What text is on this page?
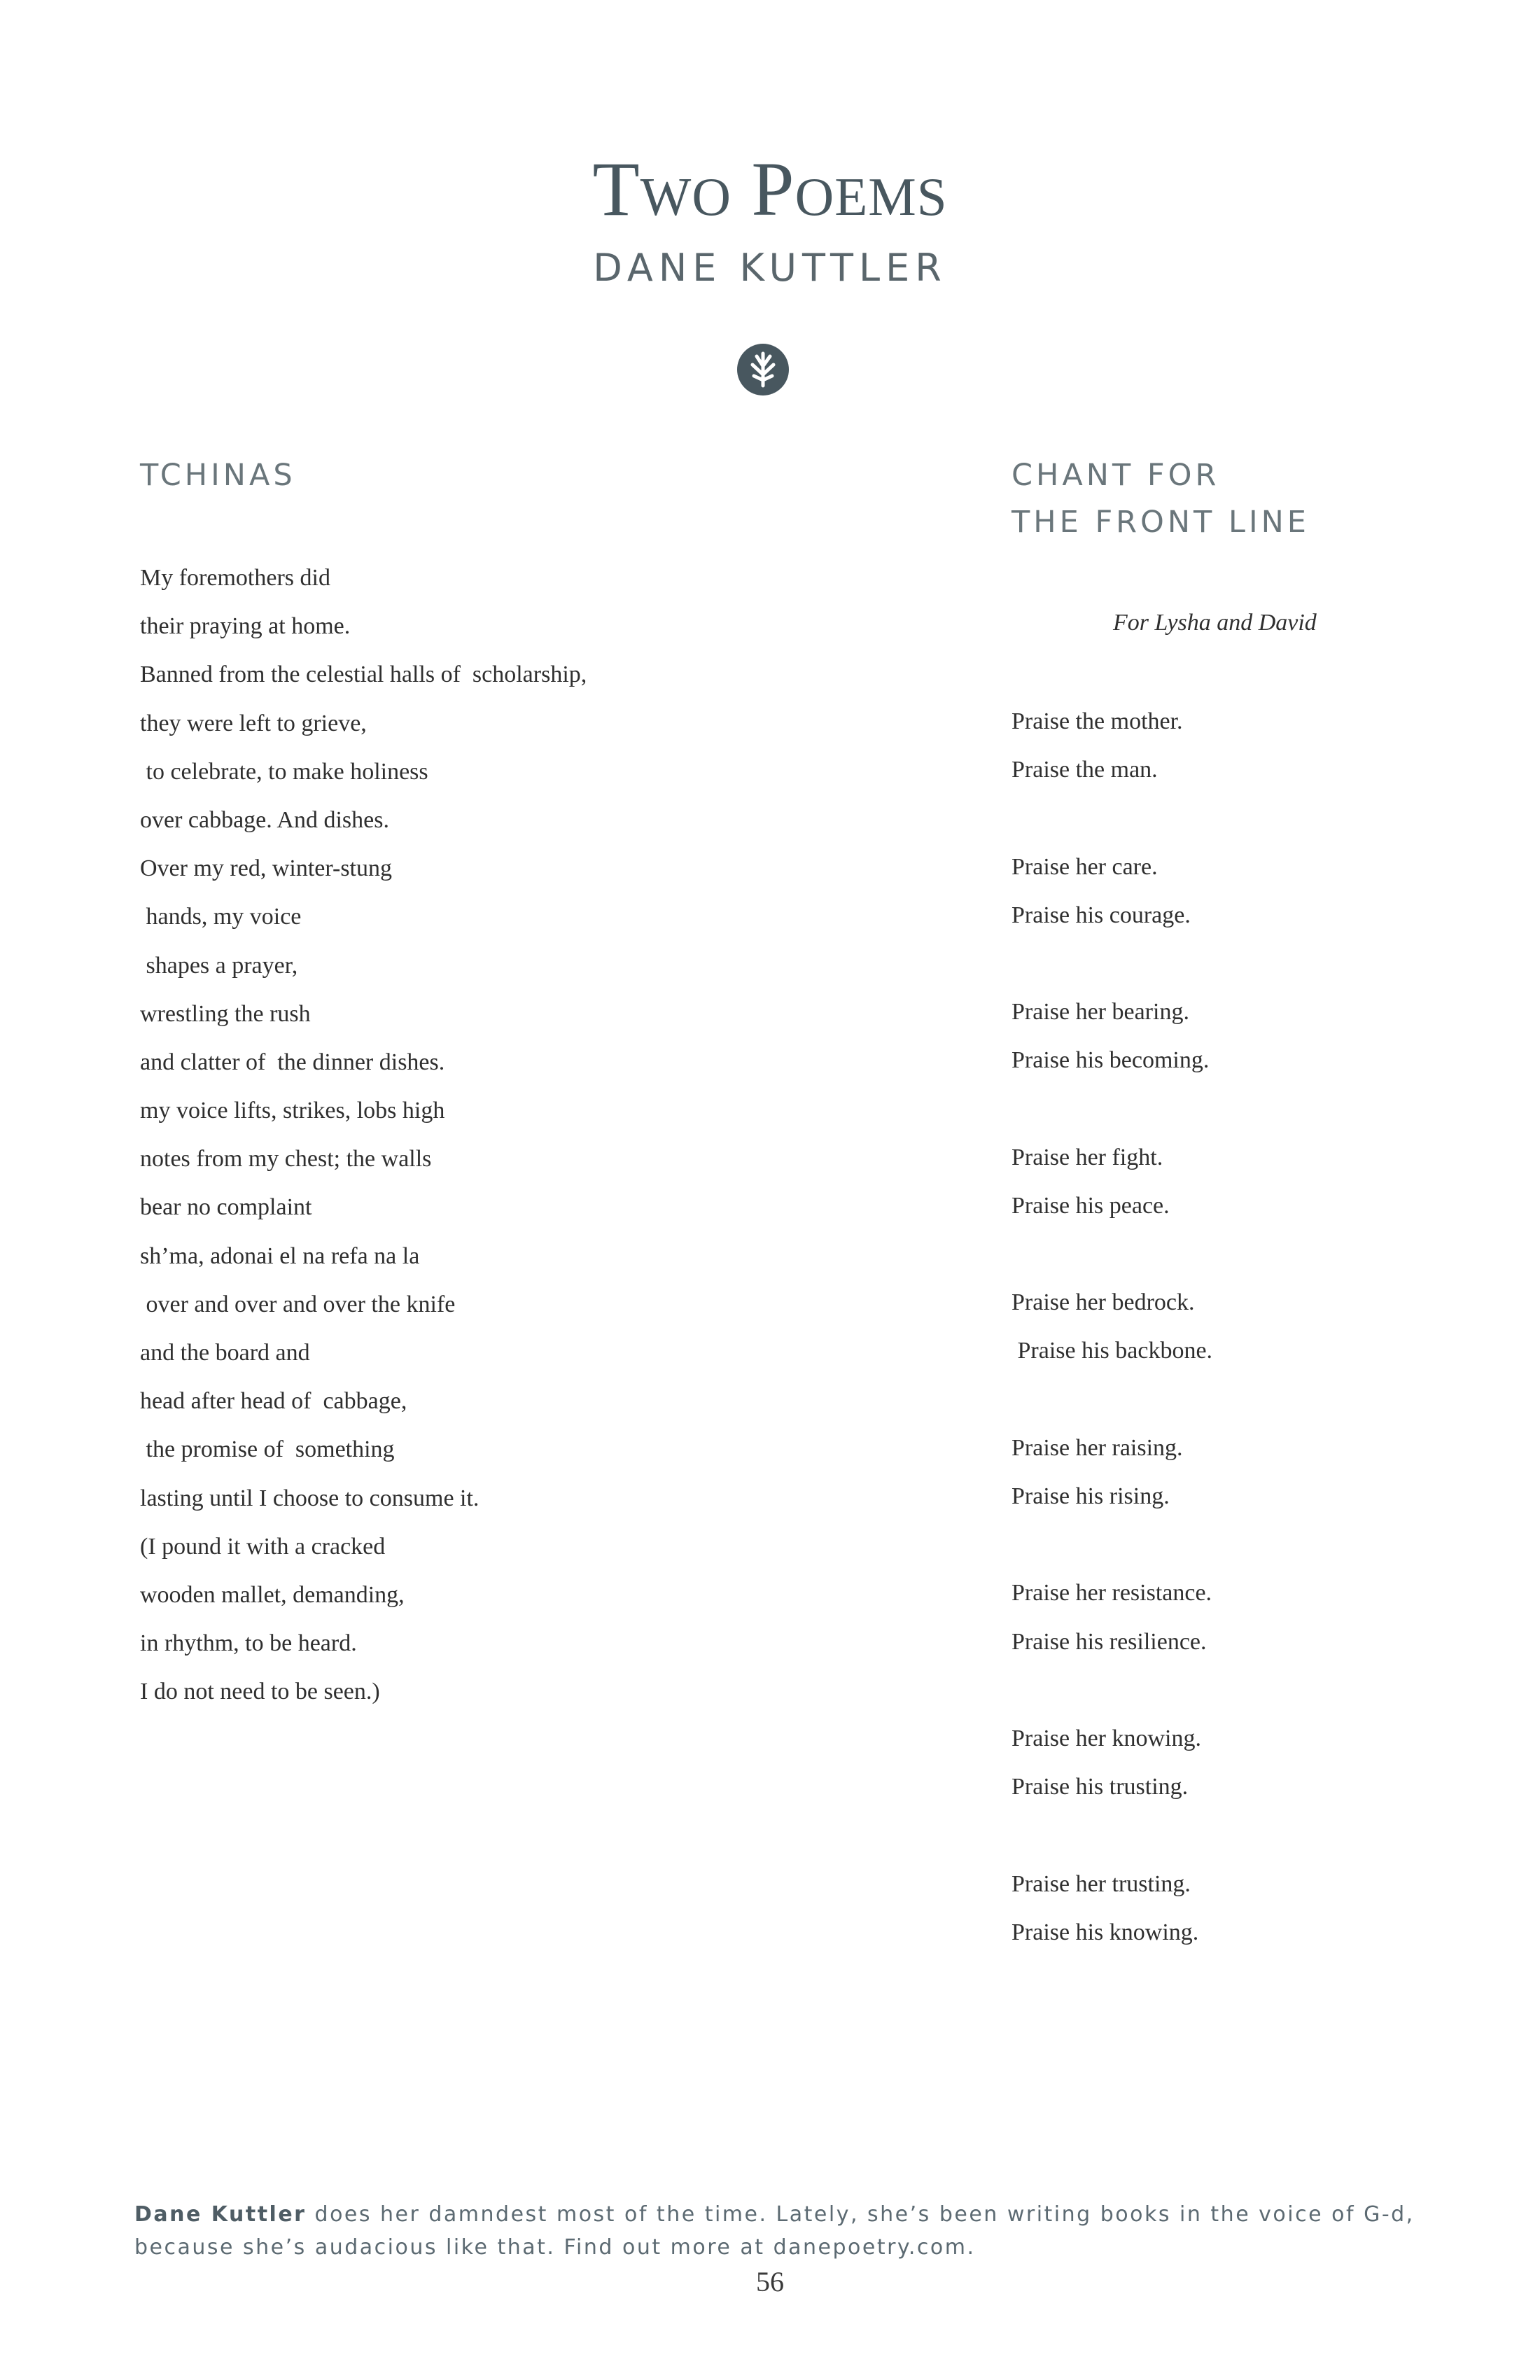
Two Poems
DANE KUTTLER
TCHINAS
My foremothers did
their praying at home.
Banned from the celestial halls of  scholarship,
they were left to grieve,
to celebrate, to make holiness
over cabbage. And dishes.
Over my red, winter-stung
hands, my voice
shapes a prayer,
wrestling the rush
and clatter of  the dinner dishes.
my voice lifts, strikes, lobs high
notes from my chest; the walls
bear no complaint
sh’ma, adonai el na refa na la
over and over and over the knife
and the board and
head after head of  cabbage,
the promise of  something
lasting until I choose to consume it.
(I pound it with a cracked
wooden mallet, demanding,
in rhythm, to be heard.
I do not need to be seen.)
CHANT FOR
THE FRONT LINE
For Lysha and David
Praise the mother.
Praise the man.
Praise her care.
Praise his courage.
Praise her bearing.
Praise his becoming.
Praise her fight.
Praise his peace.
Praise her bedrock.
Praise his backbone.
Praise her raising.
Praise his rising.
Praise her resistance.
Praise his resilience.
Praise her knowing.
Praise his trusting.
Praise her trusting.
Praise his knowing.
Dane Kuttler does her damndest most of the time. Lately, she’s been writing books in the voice of G-d, because she’s audacious like that. Find out more at danepoetry.com.
56
